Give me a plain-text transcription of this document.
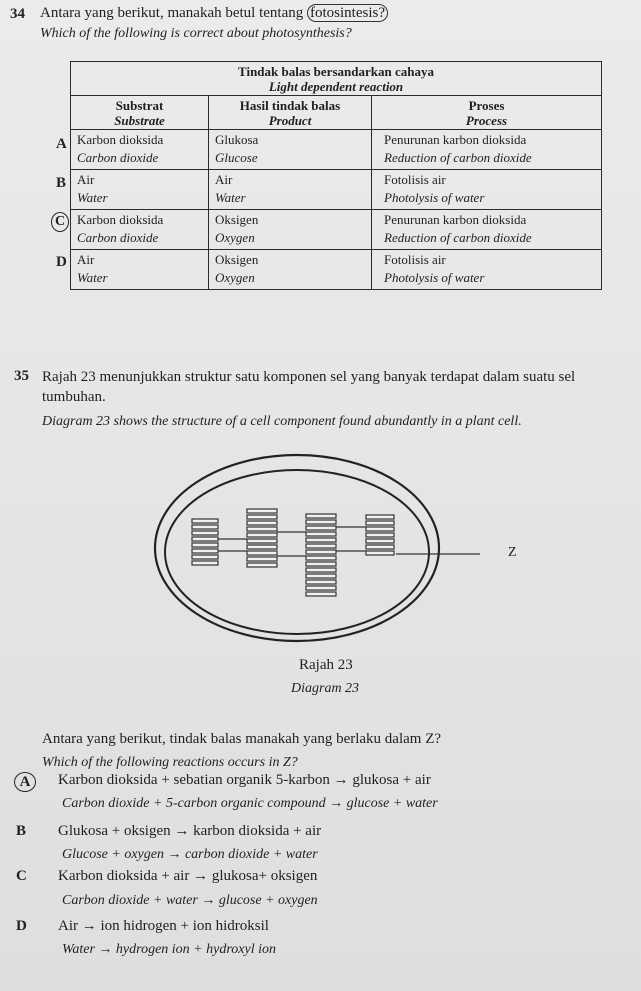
34 Antara yang berikut, manakah betul tentang fotosintesis?
Which of the following is correct about photosynthesis?
A
B
C
D
Tindak balas bersandarkan cahaya
Light dependent reaction		

Substrat
Substrate	Hasil tindak balas
Product	Proses
Process

Karbon dioksida
Carbon dioxide	Glukosa
Glucose	Penurunan karbon dioksida
Reduction of carbon dioxide

Air
Water	Air
Water	Fotolisis air
Photolysis of water

Karbon dioksida
Carbon dioxide	Oksigen
Oxygen	Penurunan karbon dioksida
Reduction of carbon dioxide

Air
Water	Oksigen
Oxygen	Fotolisis air
Photolysis of water
35 Rajah 23 menunjukkan struktur satu komponen sel yang banyak terdapat dalam suatu sel tumbuhan.
Diagram 23 shows the structure of a cell component found abundantly in a plant cell.
Z
Rajah 23
Diagram 23
Antara yang berikut, tindak balas manakah yang berlaku dalam Z?
Which of the following reactions occurs in Z?
A	Karbon dioksida + sebatian organik 5-karbon → glukosa + air
Carbon dioxide + 5-carbon organic compound → glucose + water
B Glukosa + oksigen → karbon dioksida + air
Glucose + oxygen → carbon dioxide + water
C Karbon dioksida + air → glukosa+ oksigen
Carbon dioxide + water → glucose + oxygen
D Air → ion hidrogen + ion hidroksil
Water → hydrogen ion + hydroxyl ion
